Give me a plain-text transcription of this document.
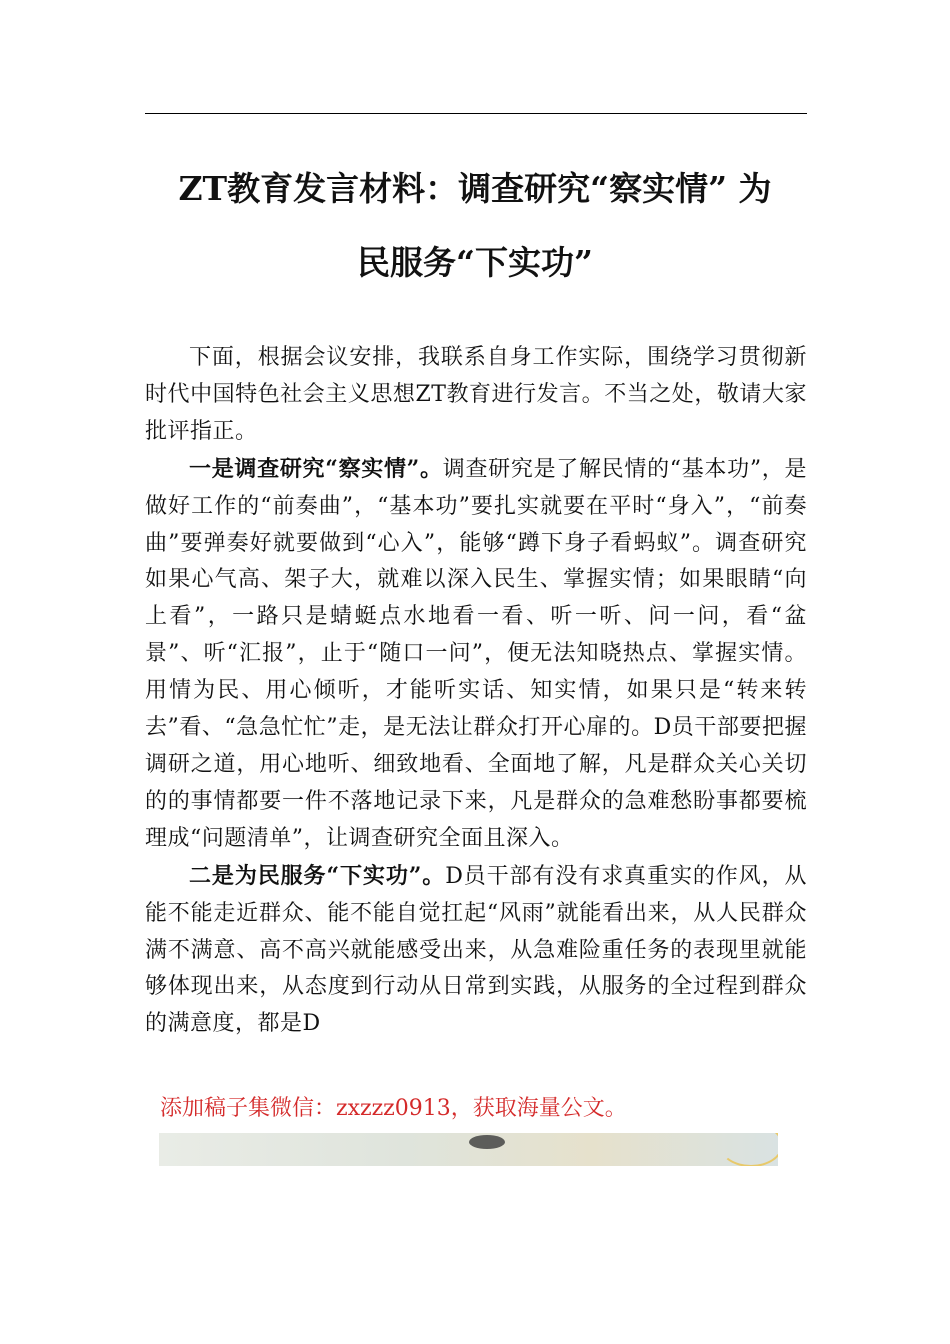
ZT教育发言材料：调查研究“察实情” 为
民服务“下实功”

下面，根据会议安排，我联系自身工作实际，围绕学习贯彻新时代中国特色社会主义思想ZT教育进行发言。不当之处，敬请大家批评指正。

一是调查研究“察实情”。调查研究是了解民情的“基本功”，是做好工作的“前奏曲”，“基本功”要扎实就要在平时“身入”，“前奏曲”要弹奏好就要做到“心入”，能够“蹲下身子看蚂蚁”。调查研究如果心气高、架子大，就难以深入民生、掌握实情；如果眼睛“向上看”，一路只是蜻蜓点水地看一看、听一听、问一问，看“盆景”、听“汇报”，止于“随口一问”，便无法知晓热点、掌握实情。用情为民、用心倾听，才能听实话、知实情，如果只是“转来转去”看、“急急忙忙”走，是无法让群众打开心扉的。D员干部要把握调研之道，用心地听、细致地看、全面地了解，凡是群众关心关切的的事情都要一件不落地记录下来，凡是群众的急难愁盼事都要梳理成“问题清单”，让调查研究全面且深入。

二是为民服务“下实功”。D员干部有没有求真重实的作风，从能不能走近群众、能不能自觉扛起“风雨”就能看出来，从人民群众满不满意、高不高兴就能感受出来，从急难险重任务的表现里就能够体现出来，从态度到行动从日常到实践，从服务的全过程到群众的满意度，都是D

添加稿子集微信：zxzzz0913，获取海量公文。
